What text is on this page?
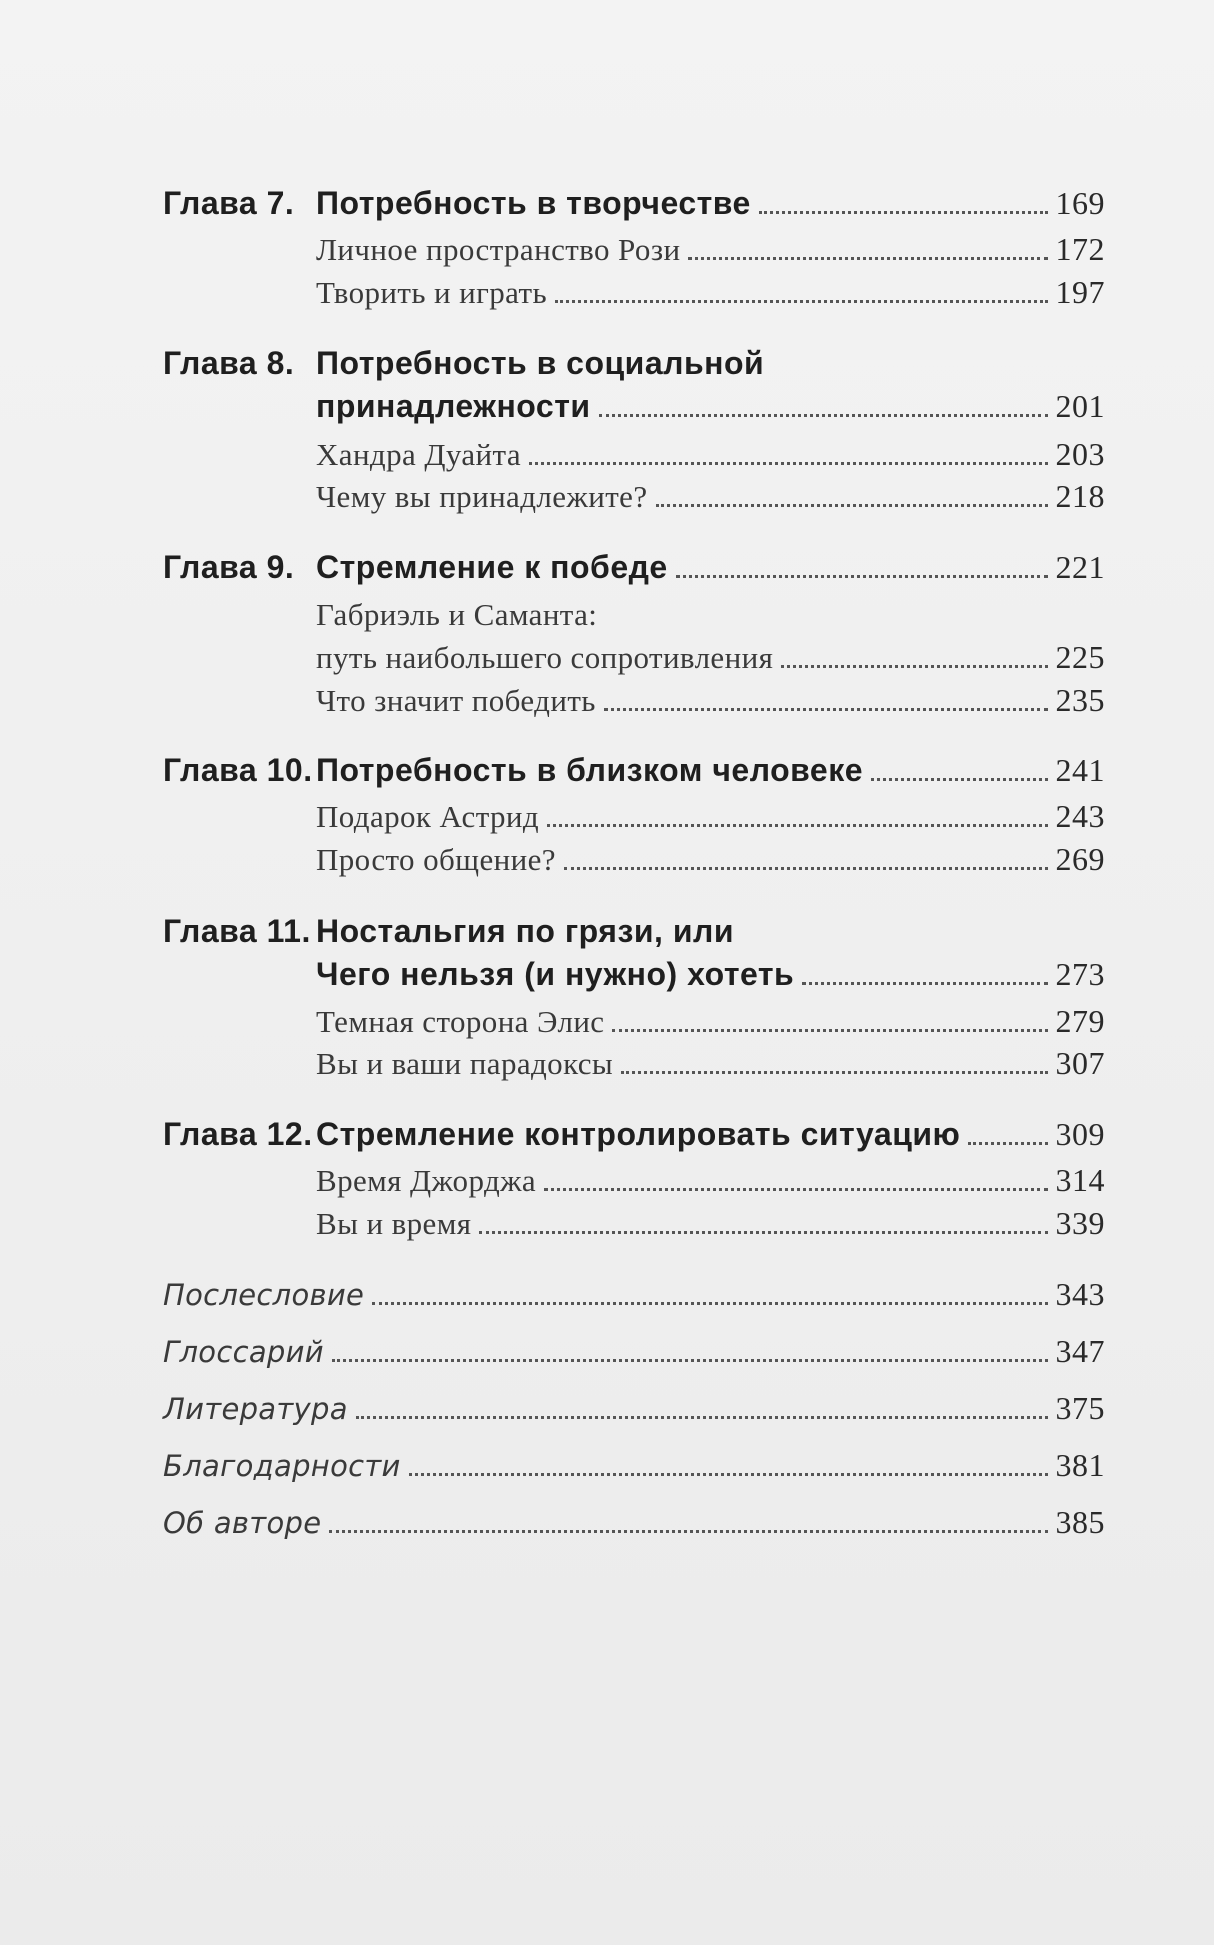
Глава 7. Потребность в творчестве	169
Личное пространство Рози	172
Творить и играть	197
Глава 8. Потребность в социальной
принадлежности	201
Хандра Дуайта	203
Чему вы принадлежите?	218
Глава 9. Стремление к победе	221
Габриэль и Саманта:
путь наибольшего сопротивления	225
Что значит победить	235
Глава 10. Потребность в близком человеке	241
Подарок Астрид	243
Просто общение?	269
Глава 11. Ностальгия по грязи, или
Чего нельзя (и нужно) хотеть	273
Темная сторона Элис	279
Вы и ваши парадоксы	307
Глава 12. Стремление контролировать ситуацию	309
Время Джорджа	314
Вы и время	339
Послесловие	343
Глоссарий	347
Литература	375
Благодарности	381
Об авторе	385
